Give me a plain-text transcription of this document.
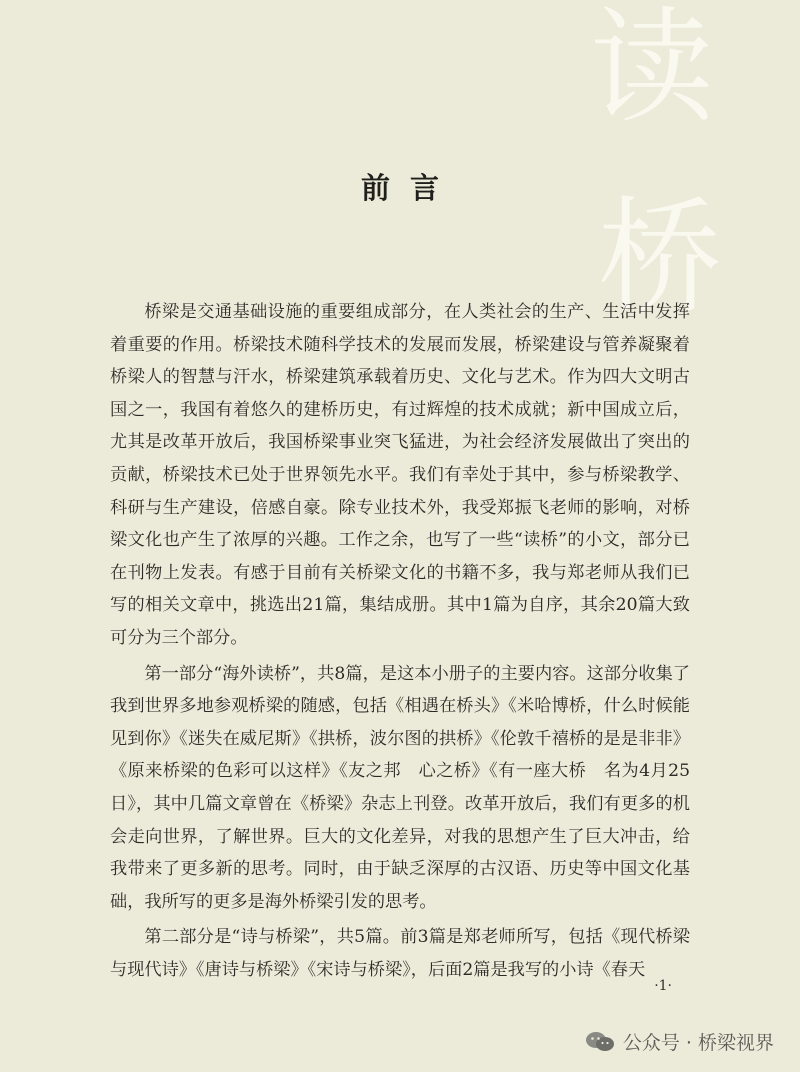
读
桥
前言

桥梁是交通基础设施的重要组成部分，在人类社会的生产、生活中发挥着重要的作用。桥梁技术随科学技术的发展而发展，桥梁建设与管养凝聚着桥梁人的智慧与汗水，桥梁建筑承载着历史、文化与艺术。作为四大文明古国之一，我国有着悠久的建桥历史，有过辉煌的技术成就；新中国成立后，尤其是改革开放后，我国桥梁事业突飞猛进，为社会经济发展做出了突出的贡献，桥梁技术已处于世界领先水平。我们有幸处于其中，参与桥梁教学、科研与生产建设，倍感自豪。除专业技术外，我受郑振飞老师的影响，对桥梁文化也产生了浓厚的兴趣。工作之余，也写了一些“读桥”的小文，部分已在刊物上发表。有感于目前有关桥梁文化的书籍不多，我与郑老师从我们已写的相关文章中，挑选出21篇，集结成册。其中1篇为自序，其余20篇大致可分为三个部分。

第一部分“海外读桥”，共8篇，是这本小册子的主要内容。这部分收集了我到世界多地参观桥梁的随感，包括《相遇在桥头》《米哈博桥，什么时候能见到你》《迷失在威尼斯》《拱桥，波尔图的拱桥》《伦敦千禧桥的是是非非》《原来桥梁的色彩可以这样》《友之邦　心之桥》《有一座大桥　名为4月25日》，其中几篇文章曾在《桥梁》杂志上刊登。改革开放后，我们有更多的机会走向世界，了解世界。巨大的文化差异，对我的思想产生了巨大冲击，给我带来了更多新的思考。同时，由于缺乏深厚的古汉语、历史等中国文化基础，我所写的更多是海外桥梁引发的思考。

第二部分是“诗与桥梁”，共5篇。前3篇是郑老师所写，包括《现代桥梁与现代诗》《唐诗与桥梁》《宋诗与桥梁》，后面2篇是我写的小诗《春天

·1·
公众号 · 桥梁视界
